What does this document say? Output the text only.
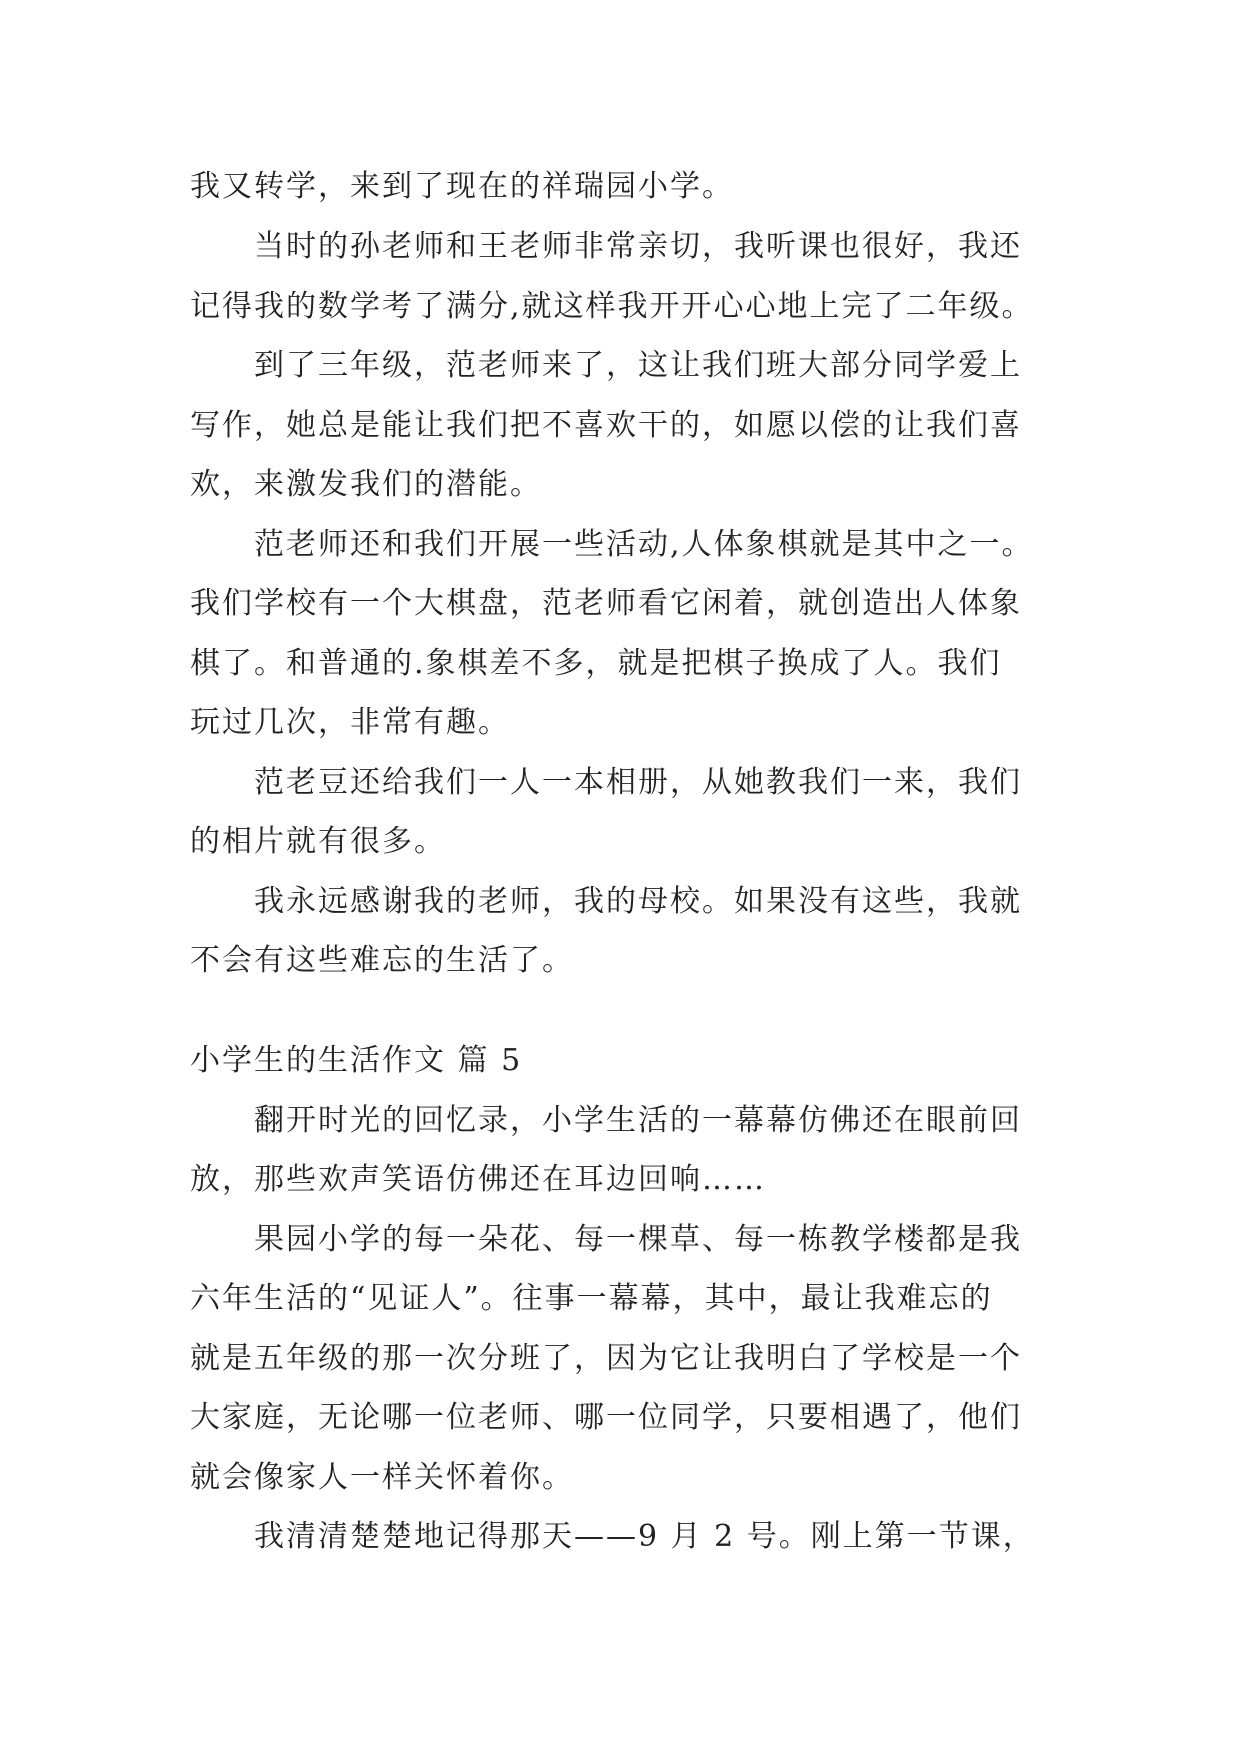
我又转学，来到了现在的祥瑞园小学。

当时的孙老师和王老师非常亲切，我听课也很好，我还

记得我的数学考了满分,就这样我开开心心地上完了二年级。

到了三年级，范老师来了，这让我们班大部分同学爱上

写作，她总是能让我们把不喜欢干的，如愿以偿的让我们喜

欢，来激发我们的潜能。

范老师还和我们开展一些活动,人体象棋就是其中之一。

我们学校有一个大棋盘，范老师看它闲着，就创造出人体象

棋了。和普通的.象棋差不多，就是把棋子换成了人。我们

玩过几次，非常有趣。

范老豆还给我们一人一本相册，从她教我们一来，我们

的相片就有很多。

我永远感谢我的老师，我的母校。如果没有这些，我就

不会有这些难忘的生活了。

小学生的生活作文 篇 5

翻开时光的回忆录，小学生活的一幕幕仿佛还在眼前回

放，那些欢声笑语仿佛还在耳边回响……

果园小学的每一朵花、每一棵草、每一栋教学楼都是我

六年生活的“见证人”。往事一幕幕，其中，最让我难忘的

就是五年级的那一次分班了，因为它让我明白了学校是一个

大家庭，无论哪一位老师、哪一位同学，只要相遇了，他们

就会像家人一样关怀着你。

我清清楚楚地记得那天——9 月 2 号。刚上第一节课，
